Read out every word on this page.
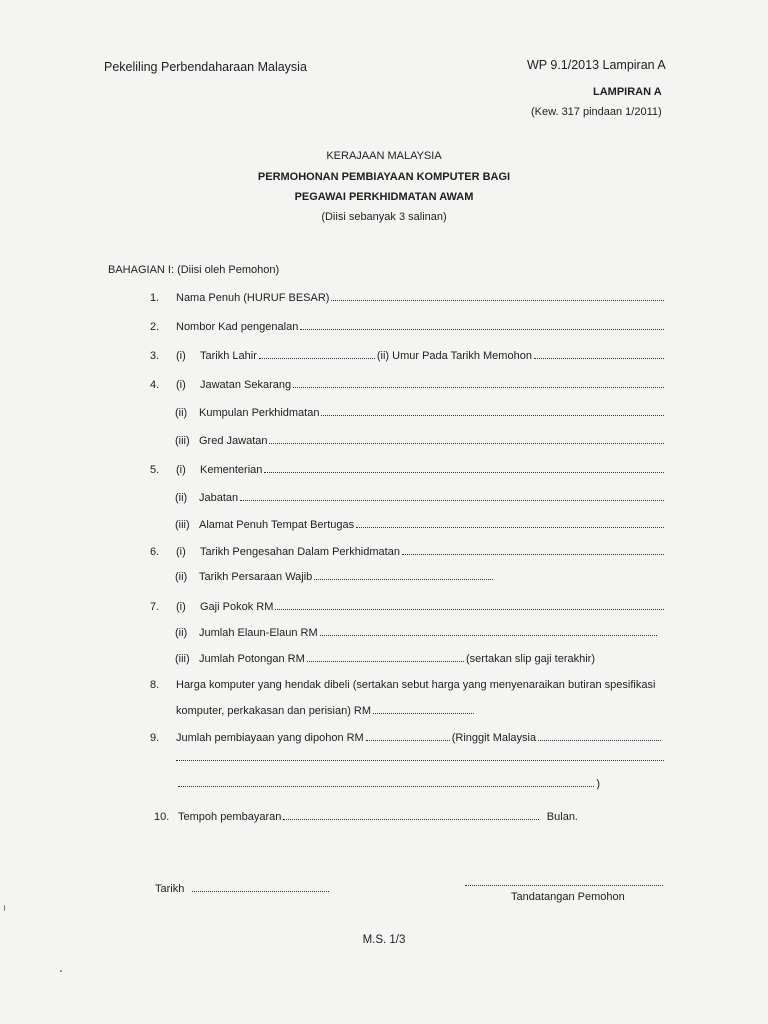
Pekeliling Perbendaharaan Malaysia	WP 9.1/2013 Lampiran A
LAMPIRAN A
(Kew. 317 pindaan 1/2011)
KERAJAAN MALAYSIA
PERMOHONAN PEMBIAYAAN KOMPUTER BAGI
PEGAWAI PERKHIDMATAN AWAM
(Diisi sebanyak 3 salinan)
BAHAGIAN I: (Diisi oleh Pemohon)
1.	Nama Penuh (HURUF BESAR)
2.	Nombor Kad pengenalan
3.	(i)	Tarikh Lahir	(ii) Umur Pada Tarikh Memohon
4.	(i)	Jawatan Sekarang
(ii)	Kumpulan Perkhidmatan
(iii) Gred Jawatan
5.	(i)	Kementerian
(ii)	Jabatan
(iii) Alamat Penuh Tempat Bertugas
6.	(i)	Tarikh Pengesahan Dalam Perkhidmatan
(ii)	Tarikh Persaraan Wajib
7.	(i)	Gaji Pokok RM
(ii)	Jumlah Elaun-Elaun RM
(iii) Jumlah Potongan RM	(sertakan slip gaji terakhir)
8.	Harga komputer yang hendak dibeli (sertakan sebut harga yang menyenaraikan butiran spesifikasi
komputer, perkakasan dan perisian) RM
9.	Jumlah pembiayaan yang dipohon RM	(Ringgit Malaysia
)
10. Tempoh pembayaran	Bulan.
Tarikh
Tandatangan Pemohon
M.S. 1/3
